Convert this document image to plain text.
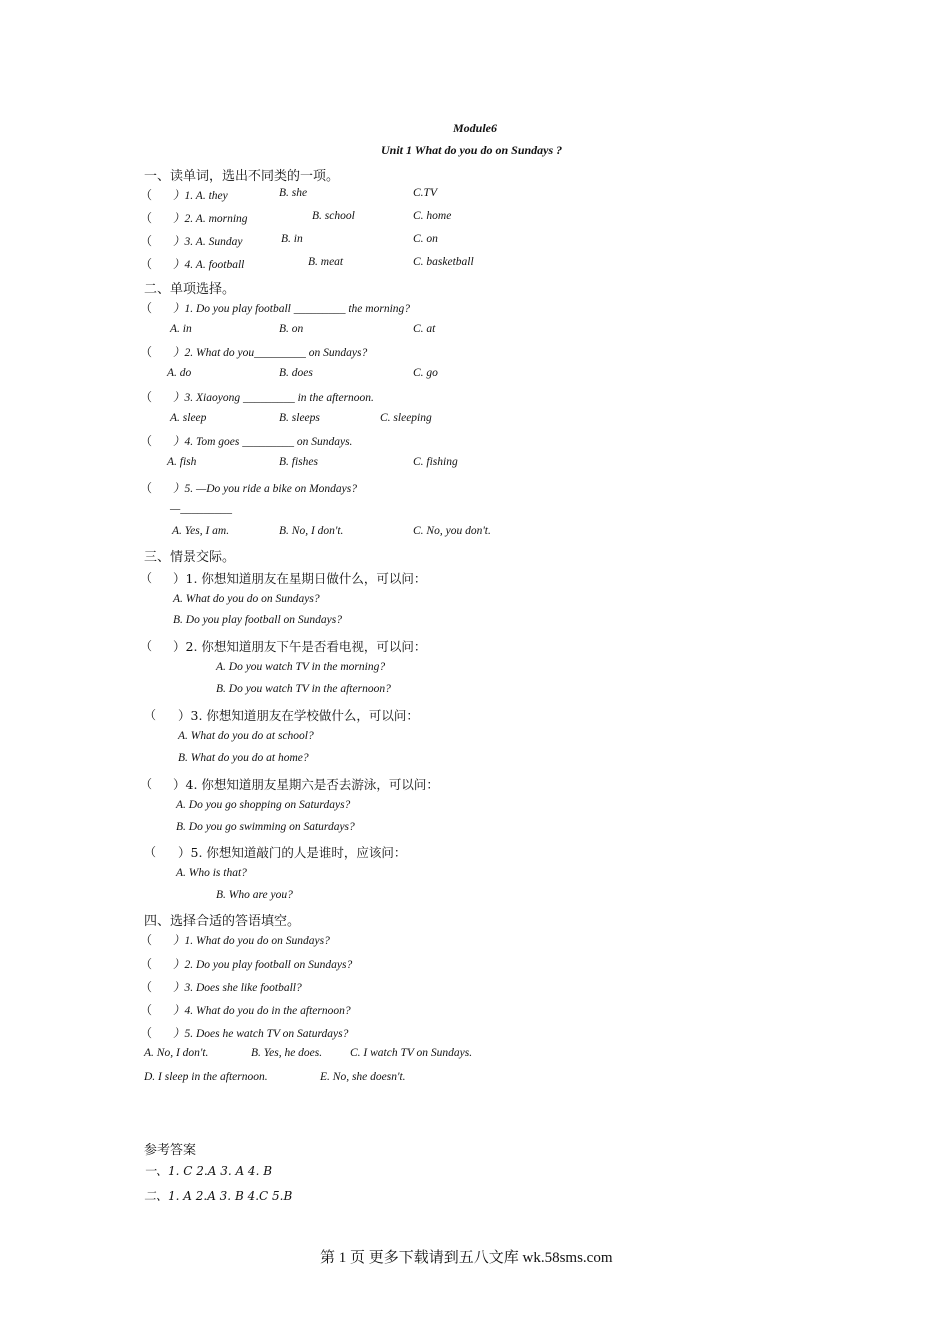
Module6
Unit 1 What do you do on Sundays ?
一、读单词，选出不同类的一项。
（ ）1. A. they	B. she	C.TV
（ ）2. A. morning	B. school	C. home
（ ）3. A. Sunday	B. in	C. on
（ ）4. A. football	B. meat	C. basketball
二、单项选择。
（ ）1. Do you play football _________ the morning?
A. in	B. on	C. at
（ ）2. What do you_________ on Sundays?
A. do	B. does	C. go
（ ）3. Xiaoyong _________ in the afternoon.
A. sleep	B. sleeps	C. sleeping
（ ）4. Tom goes _________ on Sundays.
A. fish	B. fishes	C. fishing
（ ）5. —Do you ride a bike on Mondays?
—_________
A. Yes, I am.	B. No, I don't.	C. No, you don't.
三、情景交际。
（ ）1. 你想知道朋友在星期日做什么，可以问：
A. What do you do on Sundays?
B. Do you play football on Sundays?
（ ）2. 你想知道朋友下午是否看电视，可以问：
A. Do you watch TV in the morning?
B. Do you watch TV in the afternoon?
（ ）3. 你想知道朋友在学校做什么，可以问：
A. What do you do at school?
B. What do you do at home?
（ ）4. 你想知道朋友星期六是否去游泳，可以问：
A. Do you go shopping on Saturdays?
B. Do you go swimming on Saturdays?
（ ）5. 你想知道敲门的人是谁时，应该问：
A. Who is that?
B. Who are you?
四、选择合适的答语填空。
（ ）1. What do you do on Sundays?
（ ）2. Do you play football on Sundays?
（ ）3. Does she like football?
（ ）4. What do you do in the afternoon?
（ ）5. Does he watch TV on Saturdays?
A. No, I don't.	B. Yes, he does. C. I watch TV on Sundays.
D. I sleep in the afternoon.	E. No, she doesn't.
参考答案
一、1. C 2.A 3. A 4. B
二、1. A 2.A 3. B 4.C 5.B
第 1 页 更多下载请到五八文库 wk.58sms.com
